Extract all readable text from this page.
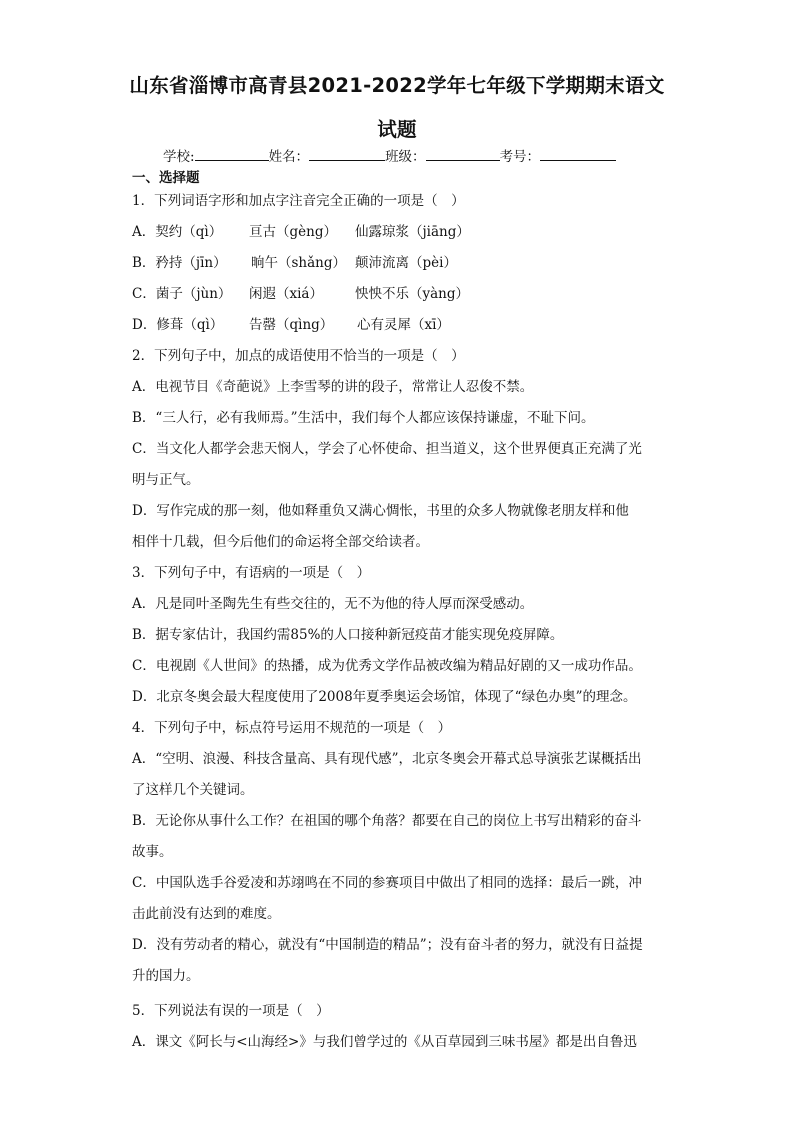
山东省淄博市高青县2021-2022学年七年级下学期期末语文
试题
学校:	姓名：	班级：	考号：
一、选择题
1．下列词语字形和加点字注音完全正确的一项是（　）
A．契约（qì） 亘古（gèng） 仙露琼浆（jiāng）
B．矜持（jīn） 晌午（shǎng） 颠沛流离（pèi）
C．菌子（jùn） 闲遐（xiá） 怏怏不乐（yàng）
D．修葺（qì） 告罄（qìng） 心有灵犀（xī）
2．下列句子中，加点的成语使用不恰当的一项是（　）
A．电视节目《奇葩说》上李雪琴的讲的段子，常常让人忍俊不禁。
B．“三人行，必有我师焉。”生活中，我们每个人都应该保持谦虚，不耻下问。
C．当文化人都学会悲天悯人，学会了心怀使命、担当道义，这个世界便真正充满了光
明与正气。
D．写作完成的那一刻，他如释重负又满心惆怅，书里的众多人物就像老朋友样和他
相伴十几载，但今后他们的命运将全部交给读者。
3．下列句子中，有语病的一项是（　）
A．凡是同叶圣陶先生有些交往的，无不为他的待人厚而深受感动。
B．据专家估计，我国约需85%的人口接种新冠疫苗才能实现免疫屏障。
C．电视剧《人世间》的热播，成为优秀文学作品被改编为精品好剧的又一成功作品。
D．北京冬奥会最大程度使用了2008年夏季奥运会场馆，体现了“绿色办奥”的理念。
4．下列句子中，标点符号运用不规范的一项是（　）
A．“空明、浪漫、科技含量高、具有现代感”，北京冬奥会开幕式总导演张艺谋概括出
了这样几个关键词。
B．无论你从事什么工作？在祖国的哪个角落？都要在自己的岗位上书写出精彩的奋斗
故事。
C．中国队选手谷爱凌和苏翊鸣在不同的参赛项目中做出了相同的选择：最后一跳，冲
击此前没有达到的难度。
D．没有劳动者的精心，就没有“中国制造的精品”；没有奋斗者的努力，就没有日益提
升的国力。
5．下列说法有误的一项是（　）
A．课文《阿长与<山海经>》与我们曾学过的《从百草园到三味书屋》都是出自鲁迅
